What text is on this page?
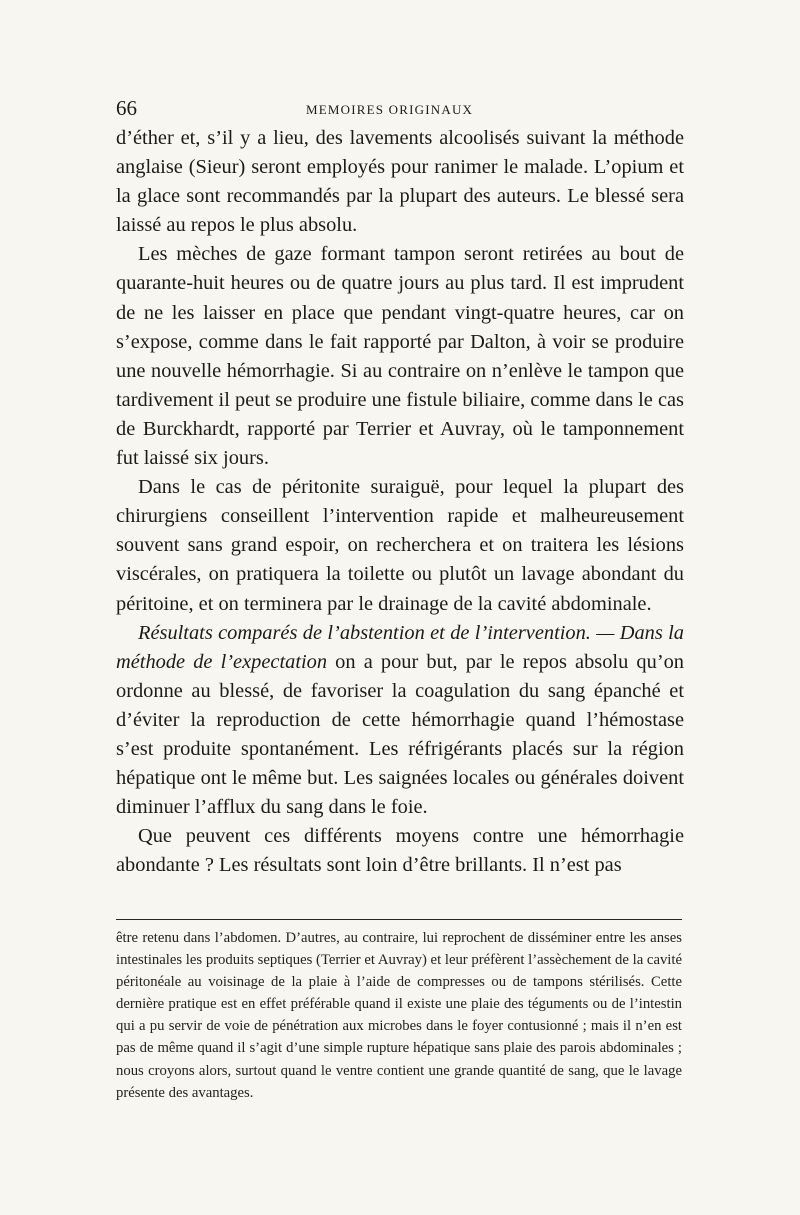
66	MEMOIRES ORIGINAUX

d’éther et, s’il y a lieu, des lavements alcoolisés suivant la méthode anglaise (Sieur) seront employés pour ranimer le malade. L’opium et la glace sont recommandés par la plupart des auteurs. Le blessé sera laissé au repos le plus absolu.

Les mèches de gaze formant tampon seront retirées au bout de quarante-huit heures ou de quatre jours au plus tard. Il est imprudent de ne les laisser en place que pendant vingt-quatre heures, car on s’expose, comme dans le fait rapporté par Dalton, à voir se produire une nouvelle hémorrhagie. Si au contraire on n’enlève le tampon que tardivement il peut se produire une fistule biliaire, comme dans le cas de Burckhardt, rapporté par Terrier et Auvray, où le tamponnement fut laissé six jours.

Dans le cas de péritonite suraiguë, pour lequel la plupart des chirurgiens conseillent l’intervention rapide et malheureusement souvent sans grand espoir, on recherchera et on traitera les lésions viscérales, on pratiquera la toilette ou plutôt un lavage abondant du péritoine, et on terminera par le drainage de la cavité abdominale.

Résultats comparés de l’abstention et de l’intervention. — Dans la méthode de l’expectation on a pour but, par le repos absolu qu’on ordonne au blessé, de favoriser la coagulation du sang épanché et d’éviter la reproduction de cette hémorrhagie quand l’hémostase s’est produite spontanément. Les réfrigérants placés sur la région hépatique ont le même but. Les saignées locales ou générales doivent diminuer l’afflux du sang dans le foie.

Que peuvent ces différents moyens contre une hémorrhagie abondante ? Les résultats sont loin d’être brillants. Il n’est pas

être retenu dans l’abdomen. D’autres, au contraire, lui reprochent de disséminer entre les anses intestinales les produits septiques (Terrier et Auvray) et leur préfèrent l’assèchement de la cavité péritonéale au voisinage de la plaie à l’aide de compresses ou de tampons stérilisés. Cette dernière pratique est en effet préférable quand il existe une plaie des téguments ou de l’intestin qui a pu servir de voie de pénétration aux microbes dans le foyer contusionné ; mais il n’en est pas de même quand il s’agit d’une simple rupture hépatique sans plaie des parois abdominales ; nous croyons alors, surtout quand le ventre contient une grande quantité de sang, que le lavage présente des avantages.
